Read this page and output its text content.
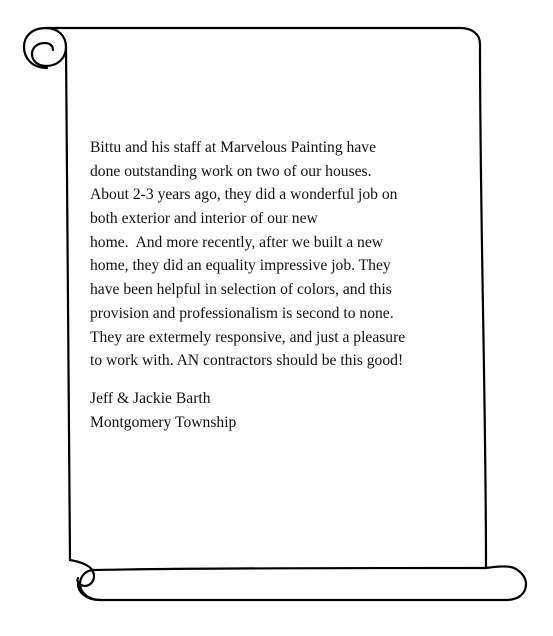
Bittu and his staff at Marvelous Painting have
done outstanding work on two of our houses.
About 2-3 years ago, they did a wonderful job on
both exterior and interior of our new
home.  And more recently, after we built a new
home, they did an equality impressive job. They
have been helpful in selection of colors, and this
provision and professionalism is second to none.
They are extermely responsive, and just a pleasure
to work with. AN contractors should be this good!
Jeff & Jackie Barth
Montgomery Township
